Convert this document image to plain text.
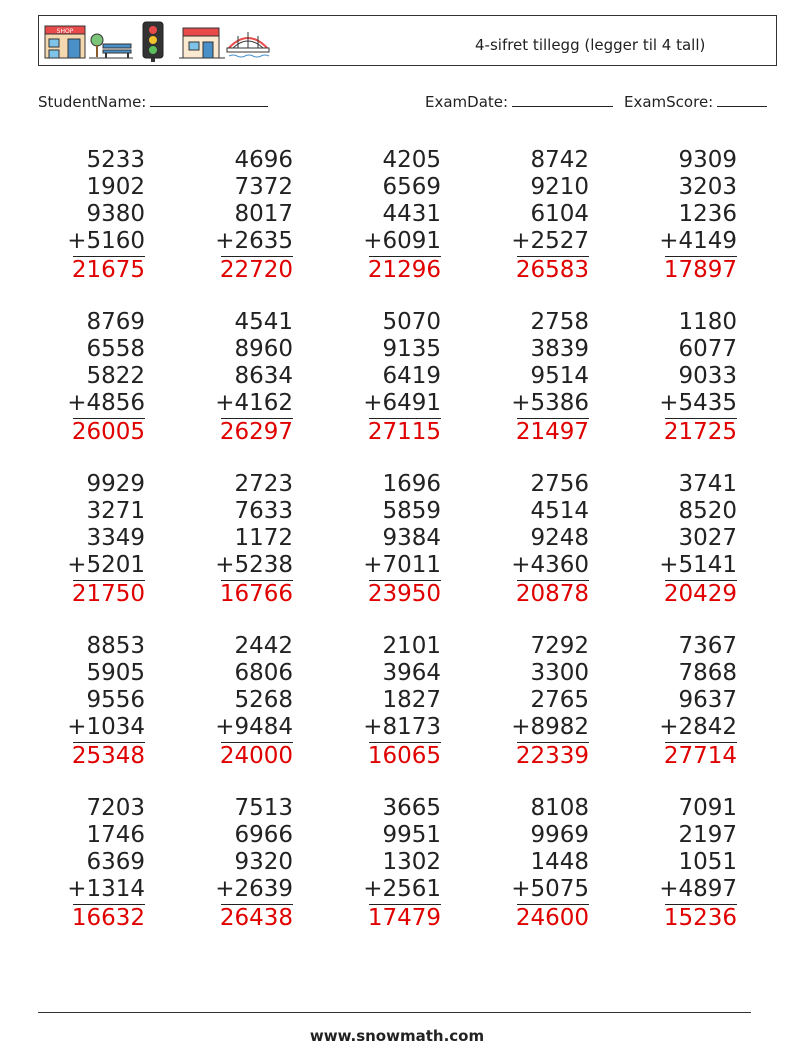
SHOP
4-sifret tillegg (legger til 4 tall)
StudentName:	ExamDate:	ExamScore:
5233
1902
9380
+5160
21675
4696
7372
8017
+2635
22720
4205
6569
4431
+6091
21296
8742
9210
6104
+2527
26583
9309
3203
1236
+4149
17897
8769
6558
5822
+4856
26005
4541
8960
8634
+4162
26297
5070
9135
6419
+6491
27115
2758
3839
9514
+5386
21497
1180
6077
9033
+5435
21725
9929
3271
3349
+5201
21750
2723
7633
1172
+5238
16766
1696
5859
9384
+7011
23950
2756
4514
9248
+4360
20878
3741
8520
3027
+5141
20429
8853
5905
9556
+1034
25348
2442
6806
5268
+9484
24000
2101
3964
1827
+8173
16065
7292
3300
2765
+8982
22339
7367
7868
9637
+2842
27714
7203
1746
6369
+1314
16632
7513
6966
9320
+2639
26438
3665
9951
1302
+2561
17479
8108
9969
1448
+5075
24600
7091
2197
1051
+4897
15236
www.snowmath.com
